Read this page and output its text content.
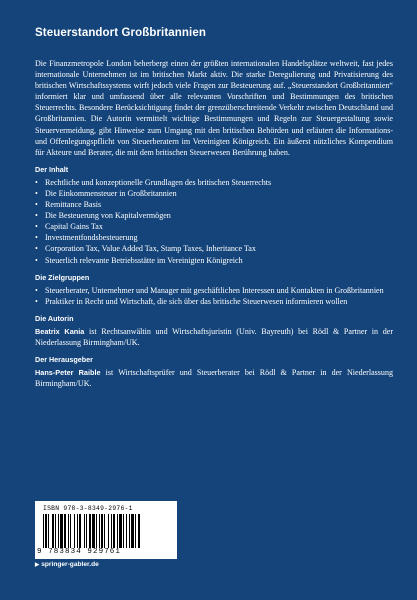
Steuerstandort Großbritannien

Die Finanzmetropole London beherbergt einen der größten internationalen Handelsplätze weltweit, fast jedes internationale Unternehmen ist im britischen Markt aktiv. Die starke Deregulierung und Privatisierung des britischen Wirtschaftssystems wirft jedoch viele Fragen zur Besteuerung auf. „Steuerstandort Großbritannien“ informiert klar und umfassend über alle relevanten Vorschriften und Bestimmungen des britischen Steuerrechts. Besondere Berücksichtigung findet der grenzüberschreitende Verkehr zwischen Deutschland und Großbritannien. Die Autorin vermittelt wichtige Bestimmungen und Regeln zur Steuergestaltung sowie Steuervermeidung, gibt Hinweise zum Umgang mit den britischen Behörden und erläutert die Informations- und Offenlegungspflicht von Steuerberatern im Vereinigten Königreich. Ein äußerst nützliches Kompendium für Akteure und Berater, die mit dem britischen Steuerwesen Berührung haben.

Der Inhalt
• Rechtliche und konzeptionelle Grundlagen des britischen Steuerrechts
• Die Einkommensteuer in Großbritannien
• Remittance Basis
• Die Besteuerung von Kapitalvermögen
• Capital Gains Tax
• Investmentfondsbesteuerung
• Corporation Tax, Value Added Tax, Stamp Taxes, Inheritance Tax
• Steuerlich relevante Betriebsstätte im Vereinigten Königreich
Die Zielgruppen
• Steuerberater, Unternehmer und Manager mit geschäftlichen Interessen und Kontakten in Großbritannien
• Praktiker in Recht und Wirtschaft, die sich über das britische Steuerwesen informieren wollen
Die Autorin

Beatrix Kania ist Rechtsanwältin und Wirtschaftsjuristin (Univ. Bayreuth) bei Rödl & Partner in der Niederlassung Birmingham/UK.

Der Herausgeber

Hans-Peter Raible ist Wirtschaftsprüfer und Steuerberater bei Rödl & Partner in der Niederlassung Birmingham/UK.

ISBN 978-3-8349-2976-1
9 783834 929761
▶ springer-gabler.de
